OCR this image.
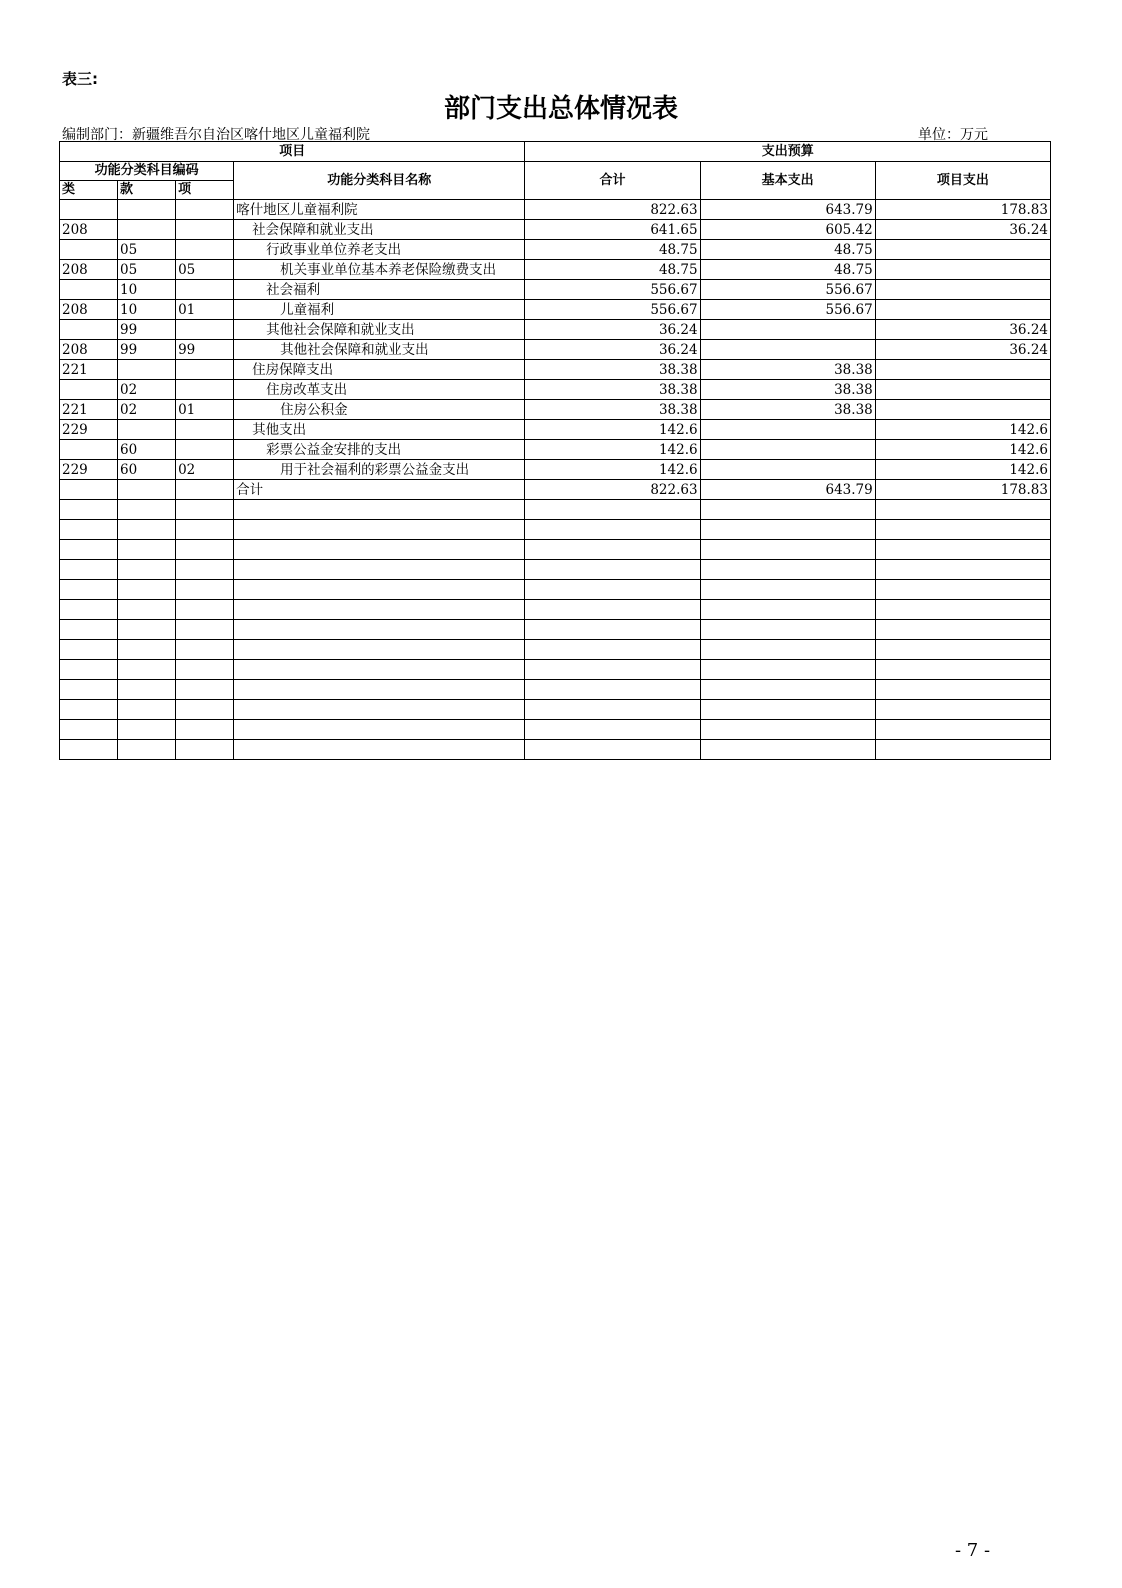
表三:
部门支出总体情况表
编制部门：新疆维吾尔自治区喀什地区儿童福利院	单位：万元
项目				支出预算		
功能分类科目编码			功能分类科目名称	合计	基本支出	项目支出
类	款	项				
			喀什地区儿童福利院	822.63	643.79	178.83
208			社会保障和就业支出	641.65	605.42	36.24
	05		行政事业单位养老支出	48.75	48.75	
208	05	05	机关事业单位基本养老保险缴费支出	48.75	48.75	
	10		社会福利	556.67	556.67	
208	10	01	儿童福利	556.67	556.67	
	99		其他社会保障和就业支出	36.24		36.24
208	99	99	其他社会保障和就业支出	36.24		36.24
221			住房保障支出	38.38	38.38	
	02		住房改革支出	38.38	38.38	
221	02	01	住房公积金	38.38	38.38	
229			其他支出	142.6		142.6
	60		彩票公益金安排的支出	142.6		142.6
229	60	02	用于社会福利的彩票公益金支出	142.6		142.6
			合计	822.63	643.79	178.83

- 7 -
